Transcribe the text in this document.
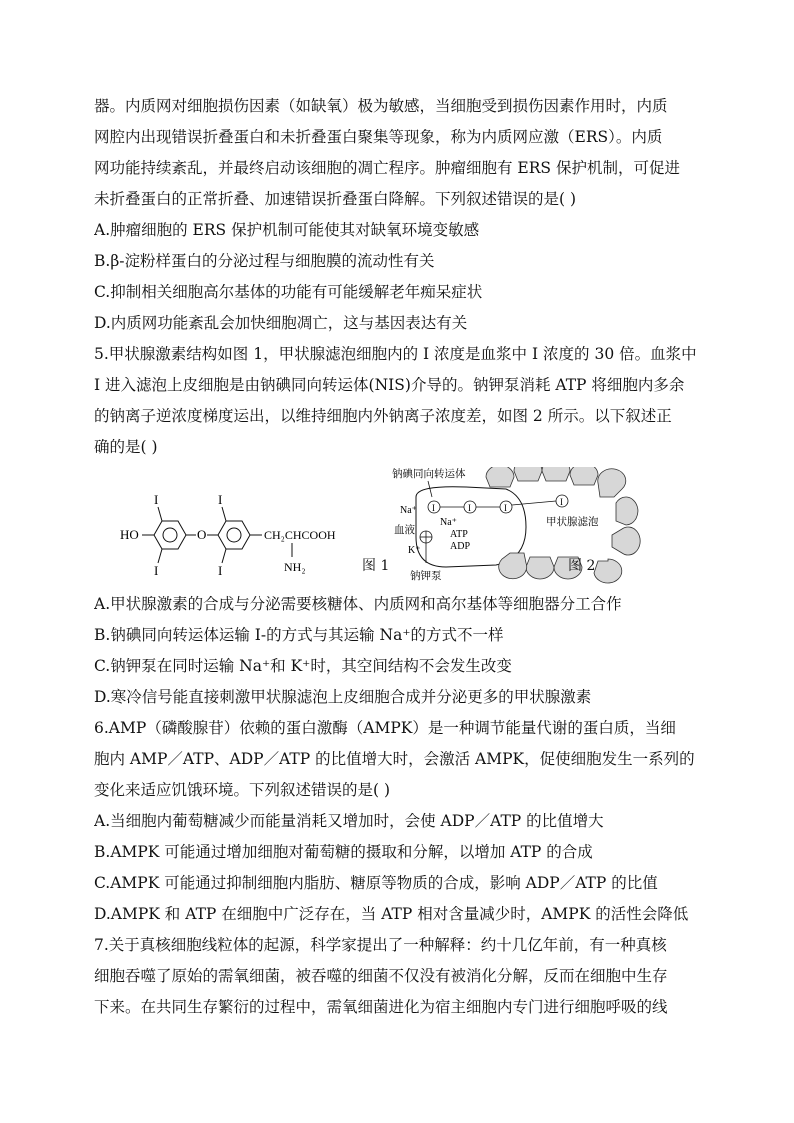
器。内质网对细胞损伤因素（如缺氧）极为敏感，当细胞受到损伤因素作用时，内质
网腔内出现错误折叠蛋白和未折叠蛋白聚集等现象，称为内质网应激（ERS）。内质
网功能持续紊乱，并最终启动该细胞的凋亡程序。肿瘤细胞有 ERS 保护机制，可促进
未折叠蛋白的正常折叠、加速错误折叠蛋白降解。下列叙述错误的是( )
A.肿瘤细胞的 ERS 保护机制可能使其对缺氧环境变敏感
B.β-淀粉样蛋白的分泌过程与细胞膜的流动性有关
C.抑制相关细胞高尔基体的功能有可能缓解老年痴呆症状
D.内质网功能紊乱会加快细胞凋亡，这与基因表达有关
5.甲状腺激素结构如图 1，甲状腺滤泡细胞内的 I 浓度是血浆中 I 浓度的 30 倍。血浆中
I 进入滤泡上皮细胞是由钠碘同向转运体(NIS)介导的。钠钾泵消耗 ATP 将细胞内多余
的钠离子逆浓度梯度运出，以维持细胞内外钠离子浓度差，如图 2 所示。以下叙述正
确的是( )
HO
I
I
O
I
I
CH₂CHCOOH
NH₂	图 1
钠碘同向转运体
甲状腺滤泡
I	I	I
I
Na⁺
Na⁺
血液	ATP
ADP
K⁺
钠钾泵
图 2
A.甲状腺激素的合成与分泌需要核糖体、内质网和高尔基体等细胞器分工合作
B.钠碘同向转运体运输 I-的方式与其运输 Na⁺的方式不一样
C.钠钾泵在同时运输 Na⁺和 K⁺时，其空间结构不会发生改变
D.寒冷信号能直接刺激甲状腺滤泡上皮细胞合成并分泌更多的甲状腺激素
6.AMP（磷酸腺苷）依赖的蛋白激酶（AMPK）是一种调节能量代谢的蛋白质，当细
胞内 AMP／ATP、ADP／ATP 的比值增大时，会激活 AMPK，促使细胞发生一系列的
变化来适应饥饿环境。下列叙述错误的是( )
A.当细胞内葡萄糖减少而能量消耗又增加时，会使 ADP／ATP 的比值增大
B.AMPK 可能通过增加细胞对葡萄糖的摄取和分解，以增加 ATP 的合成
C.AMPK 可能通过抑制细胞内脂肪、糖原等物质的合成，影响 ADP／ATP 的比值
D.AMPK 和 ATP 在细胞中广泛存在，当 ATP 相对含量减少时，AMPK 的活性会降低
7.关于真核细胞线粒体的起源，科学家提出了一种解释：约十几亿年前，有一种真核
细胞吞噬了原始的需氧细菌，被吞噬的细菌不仅没有被消化分解，反而在细胞中生存
下来。在共同生存繁衍的过程中，需氧细菌进化为宿主细胞内专门进行细胞呼吸的线
